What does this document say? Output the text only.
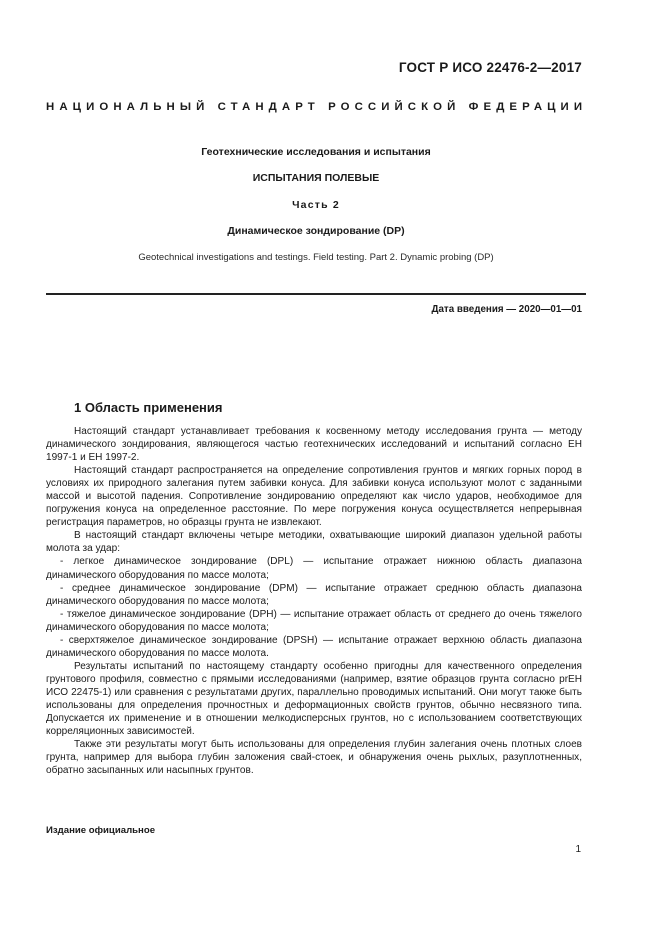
ГОСТ Р ИСО 22476-2—2017
НАЦИОНАЛЬНЫЙ СТАНДАРТ РОССИЙСКОЙ ФЕДЕРАЦИИ
Геотехнические исследования и испытания
ИСПЫТАНИЯ ПОЛЕВЫЕ
Часть 2
Динамическое зондирование (DP)
Geotechnical investigations and testings. Field testing. Part 2. Dynamic probing (DP)
Дата введения — 2020—01—01
1 Область применения

Настоящий стандарт устанавливает требования к косвенному методу исследования грунта — методу динамического зондирования, являющегося частью геотехнических исследований и испытаний согласно ЕН 1997-1 и ЕН 1997-2.

Настоящий стандарт распространяется на определение сопротивления грунтов и мягких горных пород в условиях их природного залегания путем забивки конуса. Для забивки конуса используют молот с заданными массой и высотой падения. Сопротивление зондированию определяют как число ударов, необходимое для погружения конуса на определенное расстояние. По мере погружения конуса осуществляется непрерывная регистрация параметров, но образцы грунта не извлекают.

В настоящий стандарт включены четыре методики, охватывающие широкий диапазон удельной работы молота за удар:

- легкое динамическое зондирование (DPL) — испытание отражает нижнюю область диапазона динамического оборудования по массе молота;

- среднее динамическое зондирование (DPM) — испытание отражает среднюю область диапазона динамического оборудования по массе молота;

- тяжелое динамическое зондирование (DPH) — испытание отражает область от среднего до очень тяжелого динамического оборудования по массе молота;

- сверхтяжелое динамическое зондирование (DPSH) — испытание отражает верхнюю область диапазона динамического оборудования по массе молота.

Результаты испытаний по настоящему стандарту особенно пригодны для качественного определения грунтового профиля, совместно с прямыми исследованиями (например, взятие образцов грунта согласно prEH ИСО 22475-1) или сравнения с результатами других, параллельно проводимых испытаний. Они могут также быть использованы для определения прочностных и деформационных свойств грунтов, обычно несвязного типа. Допускается их применение и в отношении мелкодисперсных грунтов, но с использованием соответствующих корреляционных зависимостей.

Также эти результаты могут быть использованы для определения глубин залегания очень плотных слоев грунта, например для выбора глубин заложения свай-стоек, и обнаружения очень рыхлых, разуплотненных, обратно засыпанных или насыпных грунтов.

Издание официальное
1
